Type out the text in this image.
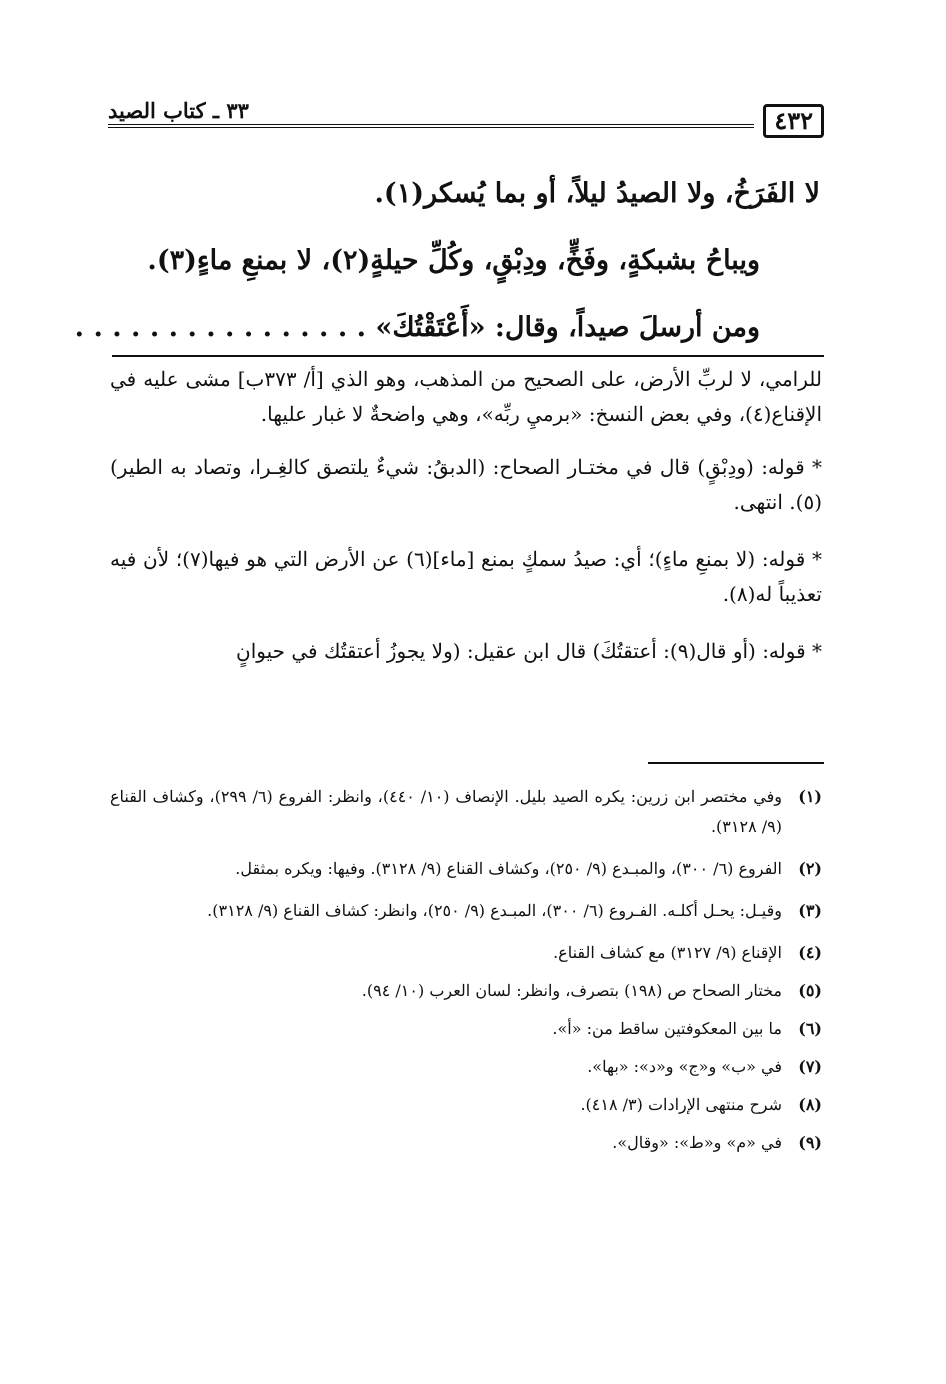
٤٣٢
٣٣ ـ كتاب الصيد

لا الفَرَخُ، ولا الصيدُ ليلاً، أو بما يُسكر(١).

ويباحُ بشبكةٍ، وفَخٍّ، ودِبْقٍ، وكُلِّ حيلةٍ(٢)، لا بمنعِ ماءٍ(٣).

ومن أرسلَ صيداً، وقال: «أَعْتَقْتُكَ» . . . . . . . . . . . . . . . .

للرامي، لا لربِّ الأرض، على الصحيح من المذهب، وهو الذي [أ/ ٣٧٣ب] مشى عليه في الإقناع(٤)، وفي بعض النسخ: «برميِ ربِّه»، وهي واضحةٌ لا غبار عليها.

* قوله: (ودِبْقٍ) قال في مختـار الصحاح: (الدبقُ: شيءٌ يلتصق كالغِـرا، وتصاد به الطير)(٥). انتهى.

* قوله: (لا بمنعِ ماءٍ)؛ أي: صيدُ سمكٍ بمنع [ماء](٦) عن الأرض التي هو فيها(٧)؛ لأن فيه تعذيباً له(٨).

* قوله: (أو قال(٩): أعتقتُكَ) قال ابن عقيل: (ولا يجوزُ أعتقتُك في حيوانٍ

(١)
وفي مختصر ابن زرين: يكره الصيد بليل. الإنصاف (١٠/ ٤٤٠)، وانظر: الفروع (٦/ ٢٩٩)، وكشاف القناع (٩/ ٣١٢٨).
(٢)
الفروع (٦/ ٣٠٠)، والمبـدع (٩/ ٢٥٠)، وكشاف القناع (٩/ ٣١٢٨). وفيها: ويكره بمثقل.
(٣)
وقيـل: يحـل أكلـه. الفـروع (٦/ ٣٠٠)، المبـدع (٩/ ٢٥٠)، وانظر: كشاف القناع (٩/ ٣١٢٨).
(٤)
الإقناع (٩/ ٣١٢٧) مع كشاف القناع.
(٥)
مختار الصحاح ص (١٩٨) بتصرف، وانظر: لسان العرب (١٠/ ٩٤).
(٦)
ما بين المعكوفتين ساقط من: «أ».
(٧)
في «ب» و«ج» و«د»: «بها».
(٨)
شرح منتهى الإرادات (٣/ ٤١٨).
(٩)
في «م» و«ط»: «وقال».
